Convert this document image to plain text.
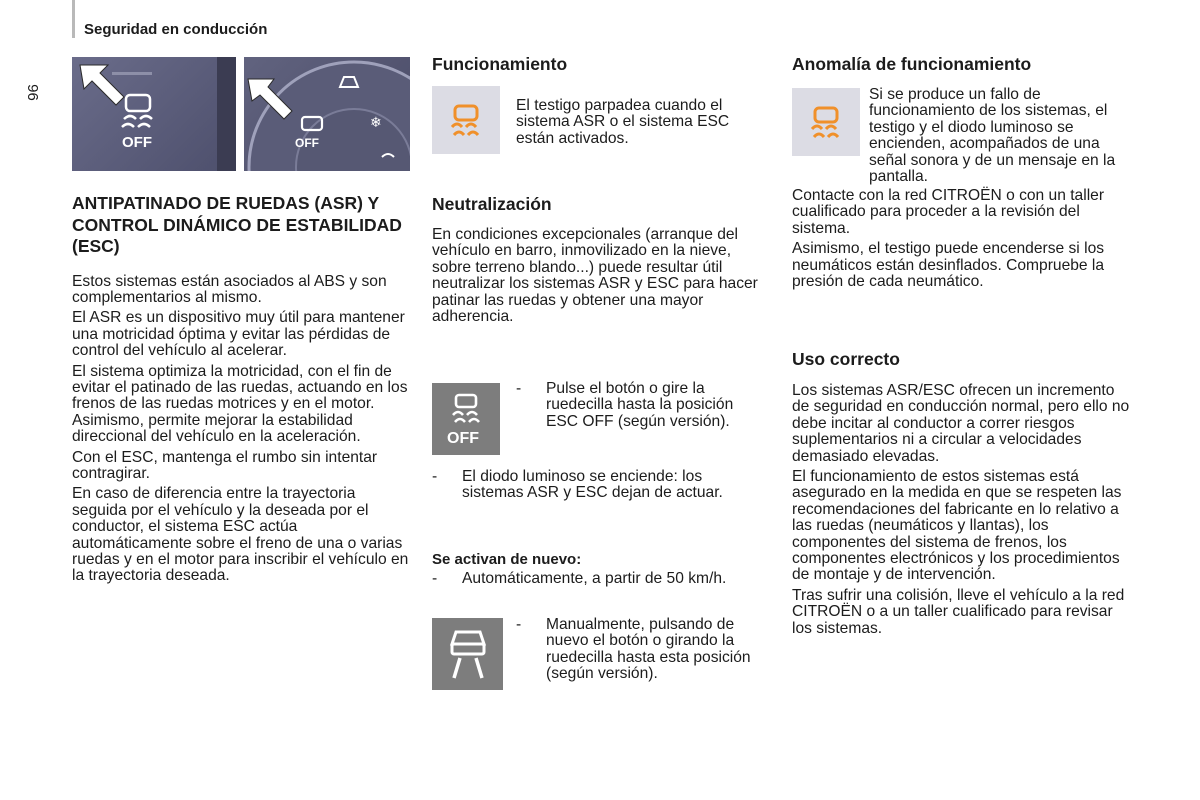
Seguridad en conducción
96
OFF	OFF
❄
ANTIPATINADO DE RUEDAS (ASR) Y CONTROL DINÁMICO DE ESTABILIDAD (ESC)

Estos sistemas están asociados al ABS y son complementarios al mismo.

El ASR es un dispositivo muy útil para mantener una motricidad óptima y evitar las pérdidas de control del vehículo al acelerar.

El sistema optimiza la motricidad, con el fin de evitar el patinado de las ruedas, actuando en los frenos de las ruedas motrices y en el motor. Asimismo, permite mejorar la estabilidad direccional del vehículo en la aceleración.

Con el ESC, mantenga el rumbo sin intentar contragirar.

En caso de diferencia entre la trayectoria seguida por el vehículo y la deseada por el conductor, el sistema ESC actúa automáticamente sobre el freno de una o varias ruedas y en el motor para inscribir el vehículo en la trayectoria deseada.

Funcionamiento

El testigo parpadea cuando el sistema ASR o el sistema ESC están activados.

Neutralización

En condiciones excepcionales (arranque del vehículo en barro, inmovilizado en la nieve, sobre terreno blando...) puede resultar útil neutralizar los sistemas ASR y ESC para hacer patinar las ruedas y obtener una mayor adherencia.

OFF
- Pulse el botón o gire la ruedecilla hasta la posición ESC OFF (según versión).

- El diodo luminoso se enciende: los sistemas ASR y ESC dejan de actuar.

Se activan de nuevo:
- Automáticamente, a partir de 50 km/h.

- Manualmente, pulsando de nuevo el botón o girando la ruedecilla hasta esta posición (según versión).

Anomalía de funcionamiento

Si se produce un fallo de funcionamiento de los sistemas, el testigo y el diodo luminoso se encienden, acompañados de una señal sonora y de un mensaje en la pantalla.

Contacte con la red CITROËN o con un taller cualificado para proceder a la revisión del sistema.

Asimismo, el testigo puede encenderse si los neumáticos están desinflados. Compruebe la presión de cada neumático.

Uso correcto

Los sistemas ASR/ESC ofrecen un incremento de seguridad en conducción normal, pero ello no debe incitar al conductor a correr riesgos suplementarios ni a circular a velocidades demasiado elevadas.

El funcionamiento de estos sistemas está asegurado en la medida en que se respeten las recomendaciones del fabricante en lo relativo a las ruedas (neumáticos y llantas), los componentes del sistema de frenos, los componentes electrónicos y los procedimientos de montaje y de intervención.

Tras sufrir una colisión, lleve el vehículo a la red CITROËN o a un taller cualificado para revisar los sistemas.
